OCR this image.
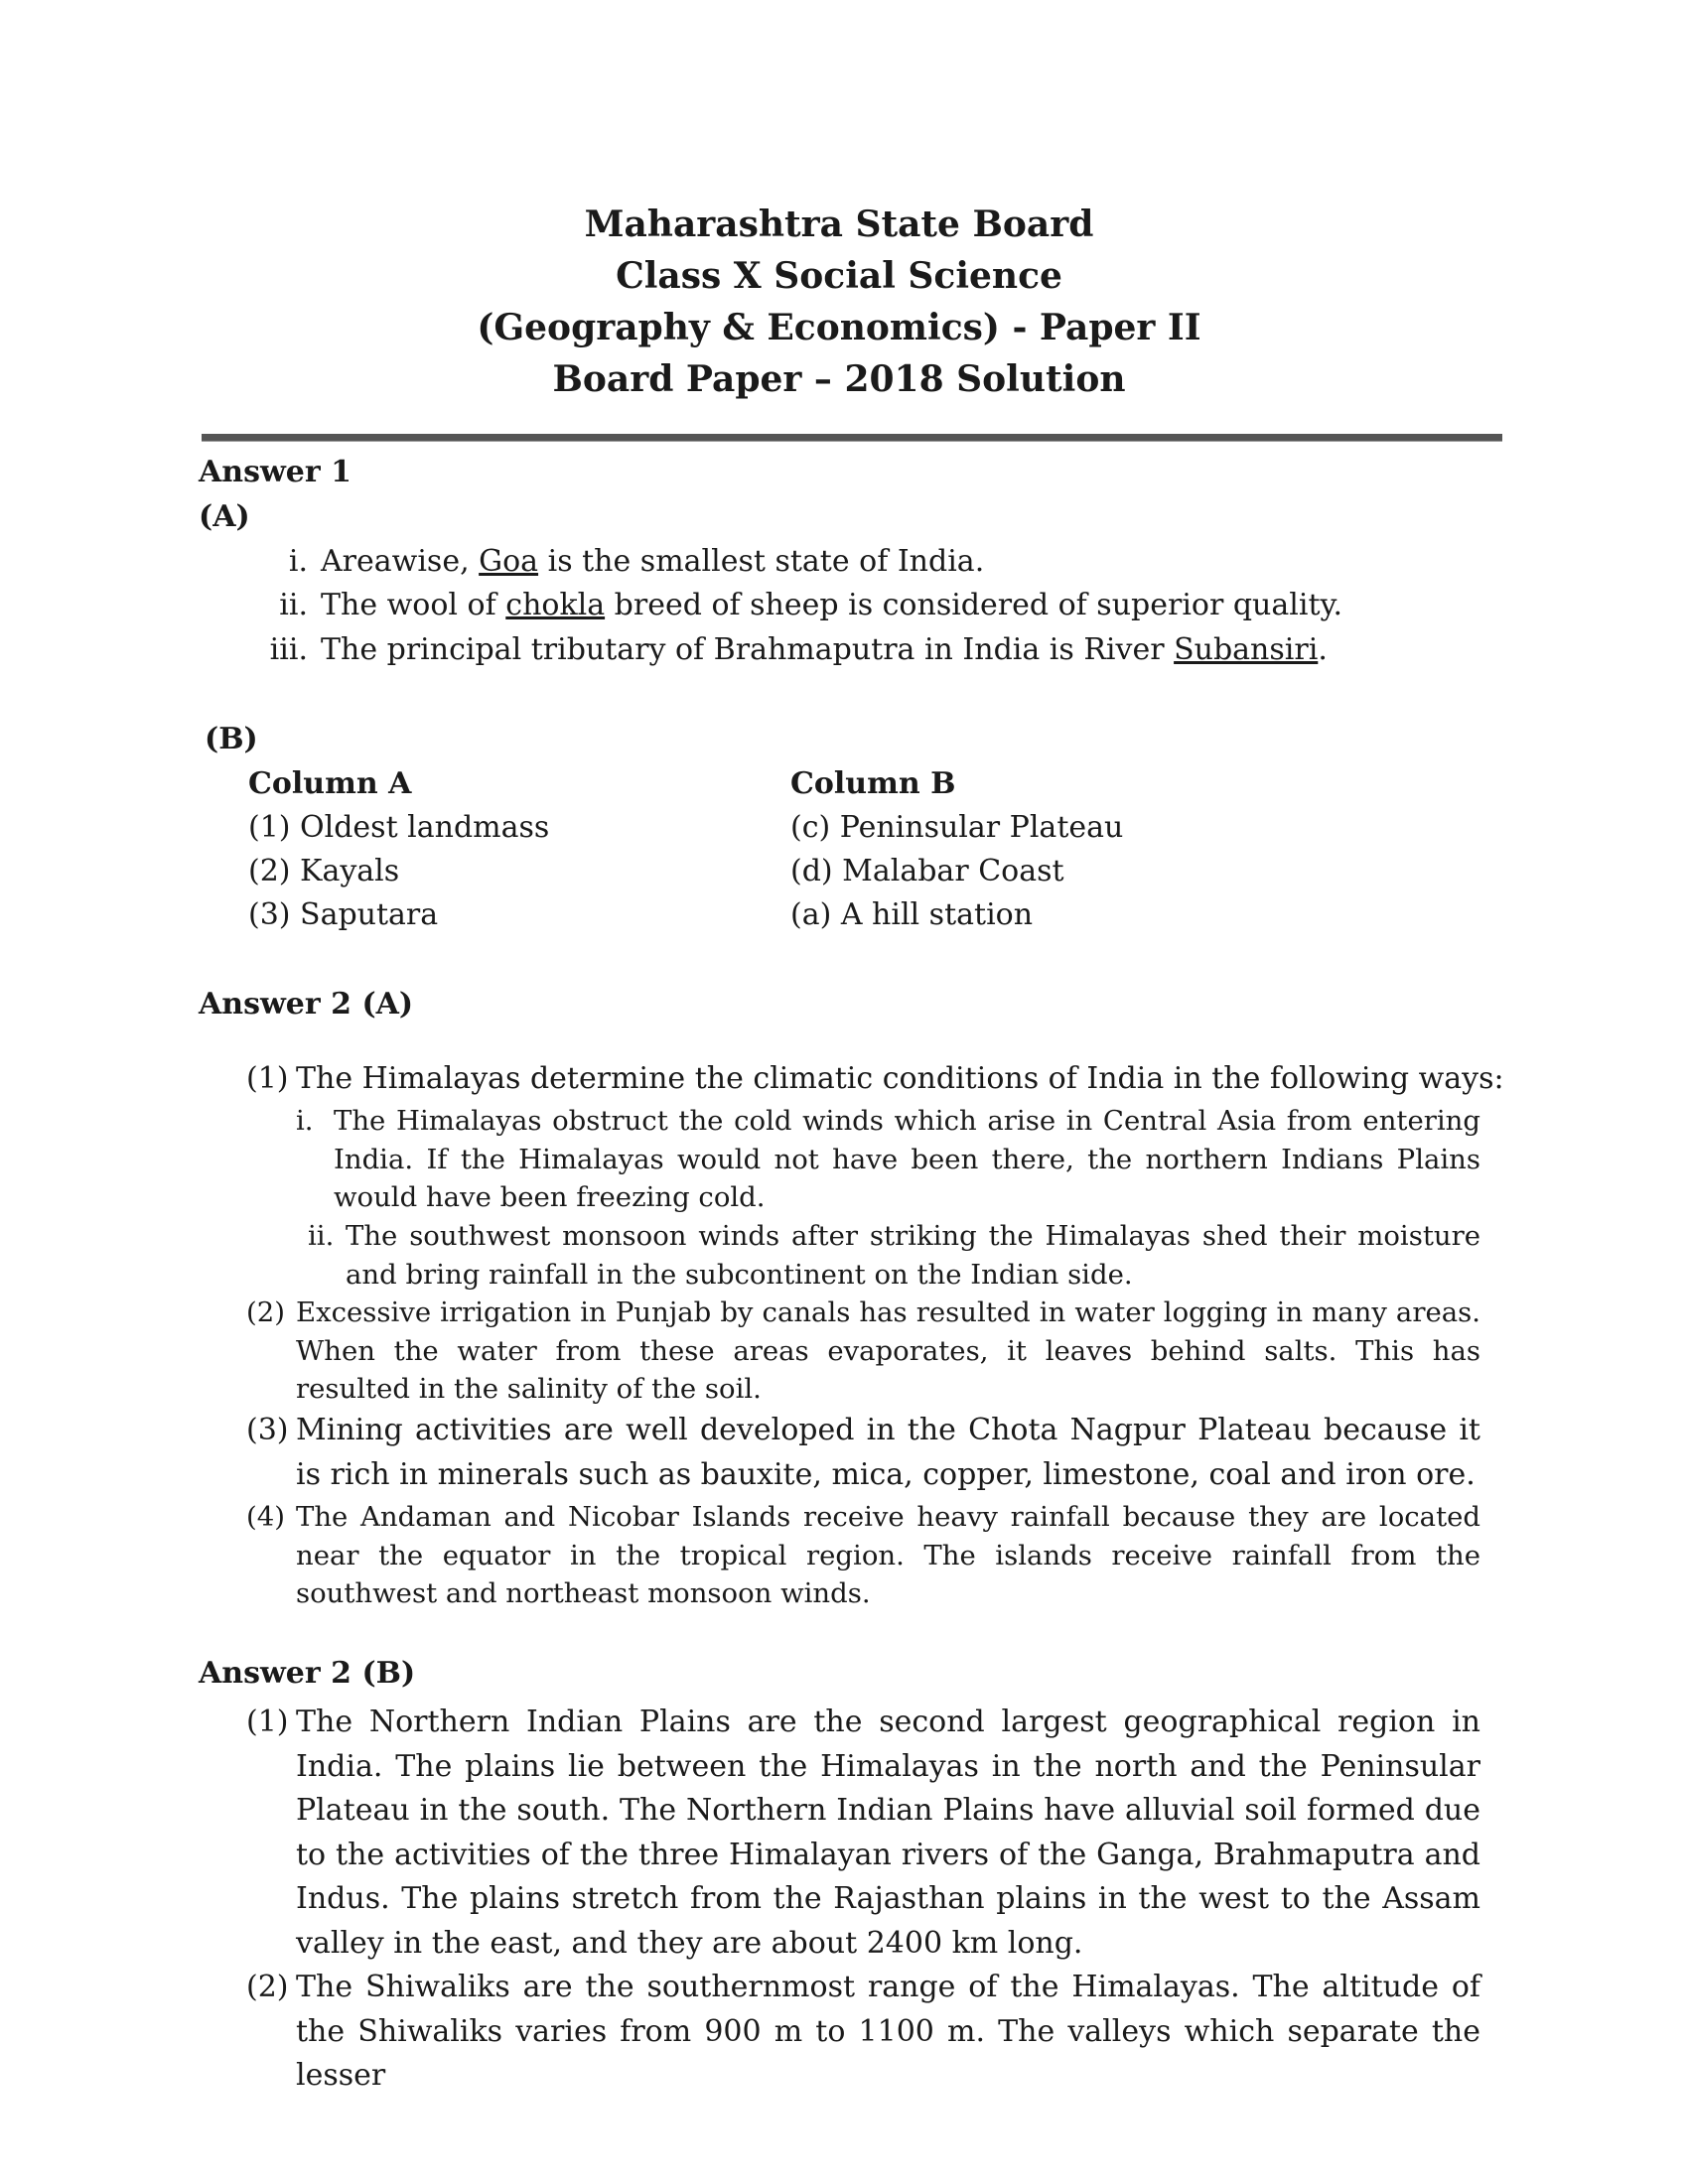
Maharashtra State Board
Class X Social Science
(Geography & Economics) - Paper II
Board Paper – 2018 Solution
Answer 1
(A)
i. Areawise, Goa is the smallest state of India.
ii. The wool of chokla breed of sheep is considered of superior quality.
iii. The principal tributary of Brahmaputra in India is River Subansiri.
(B)
Column A	Column B
(1) Oldest landmass	(c) Peninsular Plateau
(2) Kayals	(d) Malabar Coast
(3) Saputara	(a) A hill station
Answer 2 (A)
(1) The Himalayas determine the climatic conditions of India in the following ways:
i. The Himalayas obstruct the cold winds which arise in Central Asia from entering India. If the Himalayas would not have been there, the northern Indians Plains would have been freezing cold.
ii. The southwest monsoon winds after striking the Himalayas shed their moisture and bring rainfall in the subcontinent on the Indian side.
(2) Excessive irrigation in Punjab by canals has resulted in water logging in many areas. When the water from these areas evaporates, it leaves behind salts. This has resulted in the salinity of the soil.
(3) Mining activities are well developed in the Chota Nagpur Plateau because it is rich in minerals such as bauxite, mica, copper, limestone, coal and iron ore.
(4) The Andaman and Nicobar Islands receive heavy rainfall because they are located near the equator in the tropical region. The islands receive rainfall from the southwest and northeast monsoon winds.
Answer 2 (B)
(1) The Northern Indian Plains are the second largest geographical region in India. The plains lie between the Himalayas in the north and the Peninsular Plateau in the south. The Northern Indian Plains have alluvial soil formed due to the activities of the three Himalayan rivers of the Ganga, Brahmaputra and Indus. The plains stretch from the Rajasthan plains in the west to the Assam valley in the east, and they are about 2400 km long.
(2) The Shiwaliks are the southernmost range of the Himalayas. The altitude of the Shiwaliks varies from 900 m to 1100 m. The valleys which separate the lesser
